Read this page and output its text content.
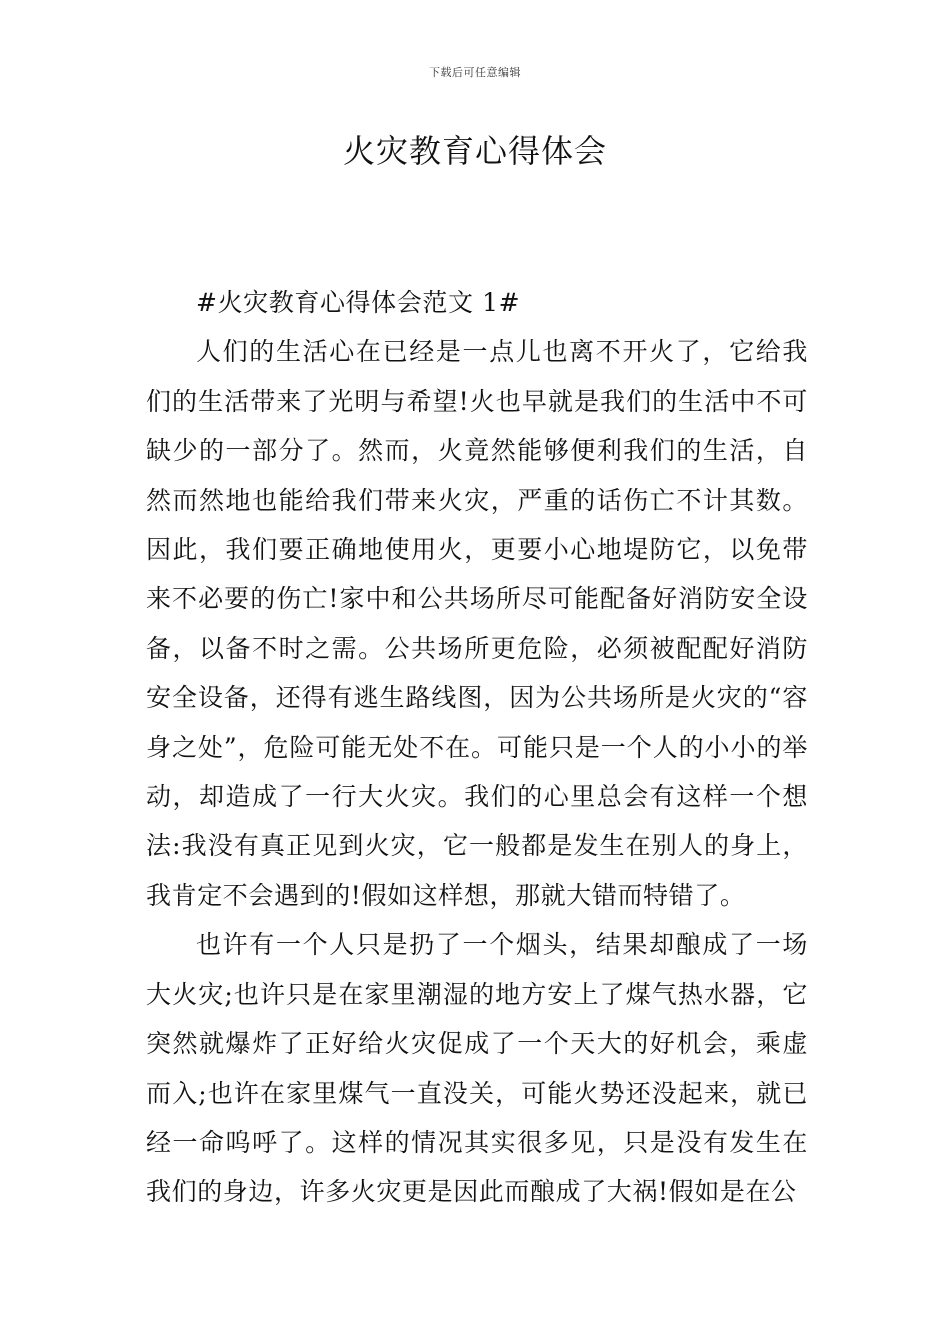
下载后可任意编辑
火灾教育心得体会

#火灾教育心得体会范文 1#

人们的生活心在已经是一点儿也离不开火了，它给我们的生活带来了光明与希望!火也早就是我们的生活中不可缺少的一部分了。然而，火竟然能够便利我们的生活，自然而然地也能给我们带来火灾，严重的话伤亡不计其数。因此，我们要正确地使用火，更要小心地堤防它，以免带来不必要的伤亡!家中和公共场所尽可能配备好消防安全设备，以备不时之需。公共场所更危险，必须被配配好消防安全设备，还得有逃生路线图，因为公共场所是火灾的“容身之处”，危险可能无处不在。可能只是一个人的小小的举动，却造成了一行大火灾。我们的心里总会有这样一个想法:我没有真正见到火灾，它一般都是发生在别人的身上，我肯定不会遇到的!假如这样想，那就大错而特错了。

也许有一个人只是扔了一个烟头，结果却酿成了一场大火灾;也许只是在家里潮湿的地方安上了煤气热水器，它突然就爆炸了正好给火灾促成了一个天大的好机会，乘虚而入;也许在家里煤气一直没关，可能火势还没起来，就已经一命呜呼了。这样的情况其实很多见，只是没有发生在我们的身边，许多火灾更是因此而酿成了大祸!假如是在公
